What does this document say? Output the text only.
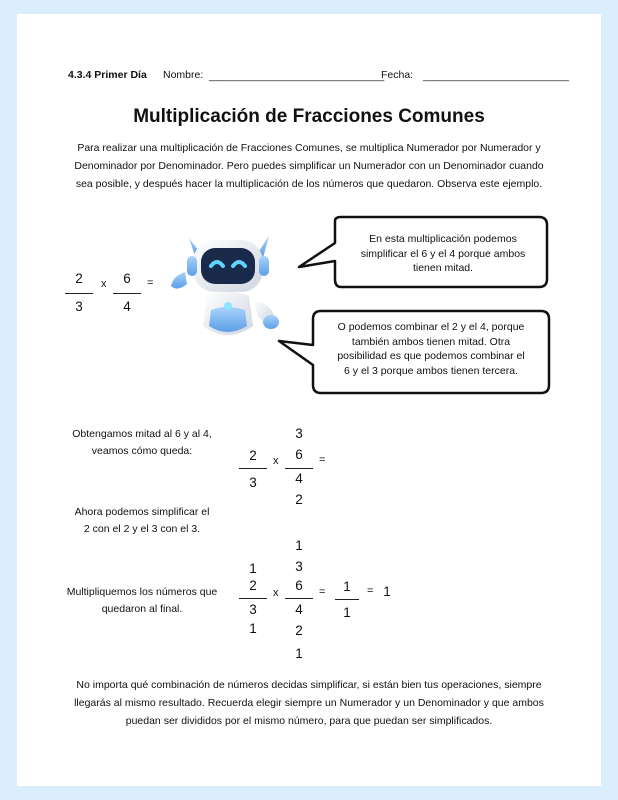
4.3.4 Primer Día Nombre: ______________________________
Fecha: _________________________
Multiplicación de Fracciones Comunes
Para realizar una multiplicación de Fracciones Comunes, se multiplica Numerador por Numerador y
Denominador por Denominador. Pero puedes simplificar un Numerador con un Denominador cuando
sea posible, y después hacer la multiplicación de los números que quedaron. Observa este ejemplo.
2
3
x	6
4
=
En esta multiplicación podemos
simplificar el 6 y el 4 porque ambos
tienen mitad.
O podemos combinar el 2 y el 4, porque
también ambos tienen mitad. Otra
posibilidad es que podemos combinar el
6 y el 3 porque ambos tienen tercera.
Obtengamos mitad al 6 y al 4,
veamos cómo queda:	2
3
x
3
6
4
2
=
Ahora podemos simplificar el
2 con el 2 y el 3 con el 3.
Multipliquemos los números que
quedaron al final.
1
2
3
1
x
1
3
6
4
2
1
=	1
1
= 1
No importa qué combinación de números decidas simplificar, si están bien tus operaciones, siempre
llegarás al mismo resultado. Recuerda elegir siempre un Numerador y un Denominador y que ambos
puedan ser divididos por el mismo número, para que puedan ser simplificados.
